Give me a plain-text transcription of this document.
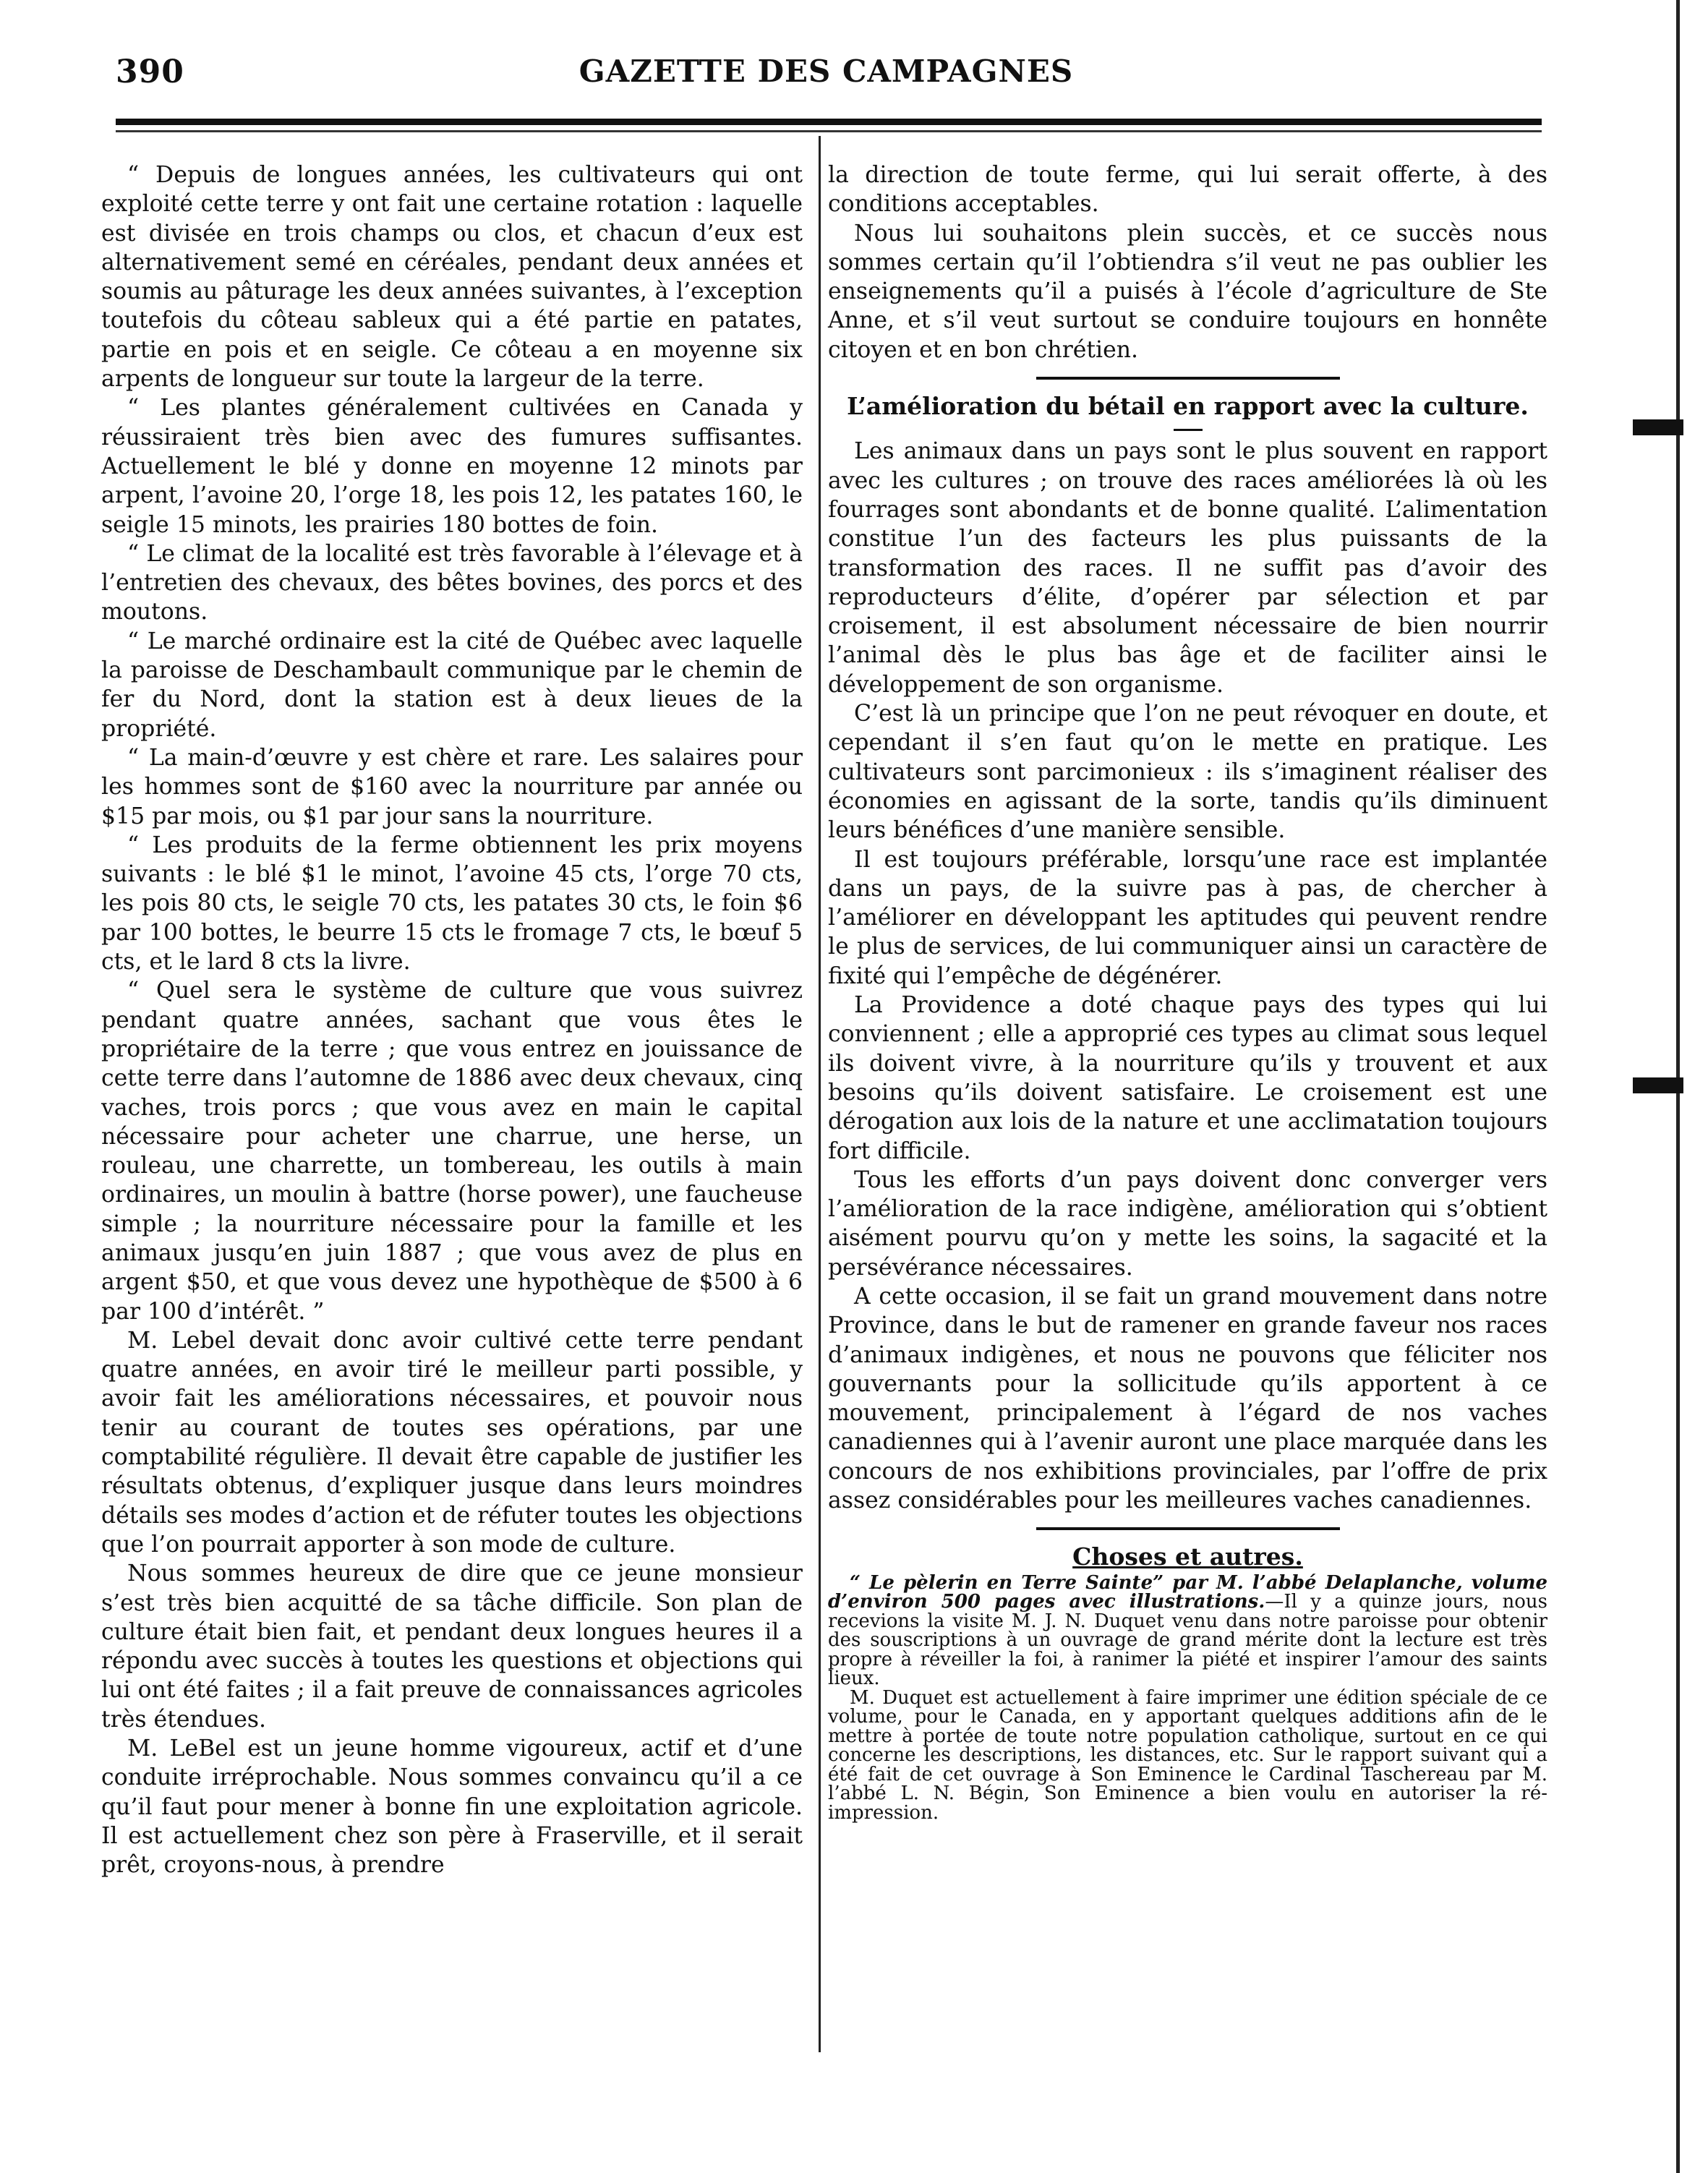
390	GAZETTE DES CAMPAGNES

“ Depuis de longues années, les cultivateurs qui ont exploité cette terre y ont fait une certaine rotation : laquelle est divisée en trois champs ou clos, et chacun d’eux est alternativement semé en céréales, pendant deux années et soumis au pâturage les deux années suivantes, à l’exception toutefois du côteau sableux qui a été partie en patates, partie en pois et en seigle. Ce côteau a en moyenne six arpents de longueur sur toute la largeur de la terre.

“ Les plantes généralement cultivées en Canada y réussiraient très bien avec des fumures suffisantes. Actuellement le blé y donne en moyenne 12 minots par arpent, l’avoine 20, l’orge 18, les pois 12, les patates 160, le seigle 15 minots, les prairies 180 bottes de foin.

“ Le climat de la localité est très favorable à l’élevage et à l’entretien des chevaux, des bêtes bovines, des porcs et des moutons.

“ Le marché ordinaire est la cité de Québec avec laquelle la paroisse de Deschambault communique par le chemin de fer du Nord, dont la station est à deux lieues de la propriété.

“ La main-d’œuvre y est chère et rare. Les salaires pour les hommes sont de $160 avec la nourriture par année ou $15 par mois, ou $1 par jour sans la nourriture.

“ Les produits de la ferme obtiennent les prix moyens suivants : le blé $1 le minot, l’avoine 45 cts, l’orge 70 cts, les pois 80 cts, le seigle 70 cts, les patates 30 cts, le foin $6 par 100 bottes, le beurre 15 cts le fromage 7 cts, le bœuf 5 cts, et le lard 8 cts la livre.

“ Quel sera le système de culture que vous suivrez pendant quatre années, sachant que vous êtes le propriétaire de la terre ; que vous entrez en jouissance de cette terre dans l’automne de 1886 avec deux chevaux, cinq vaches, trois porcs ; que vous avez en main le capital nécessaire pour acheter une charrue, une herse, un rouleau, une charrette, un tombereau, les outils à main ordinaires, un moulin à battre (horse power), une faucheuse simple ; la nourriture nécessaire pour la famille et les animaux jusqu’en juin 1887 ; que vous avez de plus en argent $50, et que vous devez une hypothèque de $500 à 6 par 100 d’intérêt. ”

M. Lebel devait donc avoir cultivé cette terre pendant quatre années, en avoir tiré le meilleur parti possible, y avoir fait les améliorations nécessaires, et pouvoir nous tenir au courant de toutes ses opérations, par une comptabilité régulière. Il devait être capable de justifier les résultats obtenus, d’expliquer jusque dans leurs moindres détails ses modes d’action et de réfuter toutes les objections que l’on pourrait apporter à son mode de culture.

Nous sommes heureux de dire que ce jeune monsieur s’est très bien acquitté de sa tâche difficile. Son plan de culture était bien fait, et pendant deux longues heures il a répondu avec succès à toutes les questions et objections qui lui ont été faites ; il a fait preuve de connaissances agricoles très étendues.

M. LeBel est un jeune homme vigoureux, actif et d’une conduite irréprochable. Nous sommes convaincu qu’il a ce qu’il faut pour mener à bonne fin une exploitation agricole. Il est actuellement chez son père à Fraserville, et il serait prêt, croyons-nous, à prendre

la direction de toute ferme, qui lui serait offerte, à des conditions acceptables.

Nous lui souhaitons plein succès, et ce succès nous sommes certain qu’il l’obtiendra s’il veut ne pas oublier les enseignements qu’il a puisés à l’école d’agriculture de Ste Anne, et s’il veut surtout se conduire toujours en honnête citoyen et en bon chrétien.

L’amélioration du bétail en rapport avec la culture.

Les animaux dans un pays sont le plus souvent en rapport avec les cultures ; on trouve des races améliorées là où les fourrages sont abondants et de bonne qualité. L’alimentation constitue l’un des facteurs les plus puissants de la transformation des races. Il ne suffit pas d’avoir des reproducteurs d’élite, d’opérer par sélection et par croisement, il est absolument nécessaire de bien nourrir l’animal dès le plus bas âge et de faciliter ainsi le développement de son organisme.

C’est là un principe que l’on ne peut révoquer en doute, et cependant il s’en faut qu’on le mette en pratique. Les cultivateurs sont parcimonieux : ils s’imaginent réaliser des économies en agissant de la sorte, tandis qu’ils diminuent leurs bénéfices d’une manière sensible.

Il est toujours préférable, lorsqu’une race est implantée dans un pays, de la suivre pas à pas, de chercher à l’améliorer en développant les aptitudes qui peuvent rendre le plus de services, de lui communiquer ainsi un caractère de fixité qui l’empêche de dégénérer.

La Providence a doté chaque pays des types qui lui conviennent ; elle a approprié ces types au climat sous lequel ils doivent vivre, à la nourriture qu’ils y trouvent et aux besoins qu’ils doivent satisfaire. Le croisement est une dérogation aux lois de la nature et une acclimatation toujours fort difficile.

Tous les efforts d’un pays doivent donc converger vers l’amélioration de la race indigène, amélioration qui s’obtient aisément pourvu qu’on y mette les soins, la sagacité et la persévérance nécessaires.

A cette occasion, il se fait un grand mouvement dans notre Province, dans le but de ramener en grande faveur nos races d’animaux indigènes, et nous ne pouvons que féliciter nos gouvernants pour la sollicitude qu’ils apportent à ce mouvement, principalement à l’égard de nos vaches canadiennes qui à l’avenir auront une place marquée dans les concours de nos exhibitions provinciales, par l’offre de prix assez considérables pour les meilleures vaches canadiennes.

Choses et autres.

“ Le pèlerin en Terre Sainte” par M. l’abbé Delaplanche, volume d’environ 500 pages avec illustrations.—Il y a quinze jours, nous recevions la visite M. J. N. Duquet venu dans notre paroisse pour obtenir des souscriptions à un ouvrage de grand mérite dont la lecture est très propre à réveiller la foi, à ranimer la piété et inspirer l’amour des saints lieux.

M. Duquet est actuellement à faire imprimer une édition spéciale de ce volume, pour le Canada, en y apportant quelques additions afin de le mettre à portée de toute notre population catholique, surtout en ce qui concerne les descriptions, les distances, etc. Sur le rapport suivant qui a été fait de cet ouvrage à Son Eminence le Cardinal Taschereau par M. l’abbé L. N. Bégin, Son Eminence a bien voulu en autoriser la ré-impression.
